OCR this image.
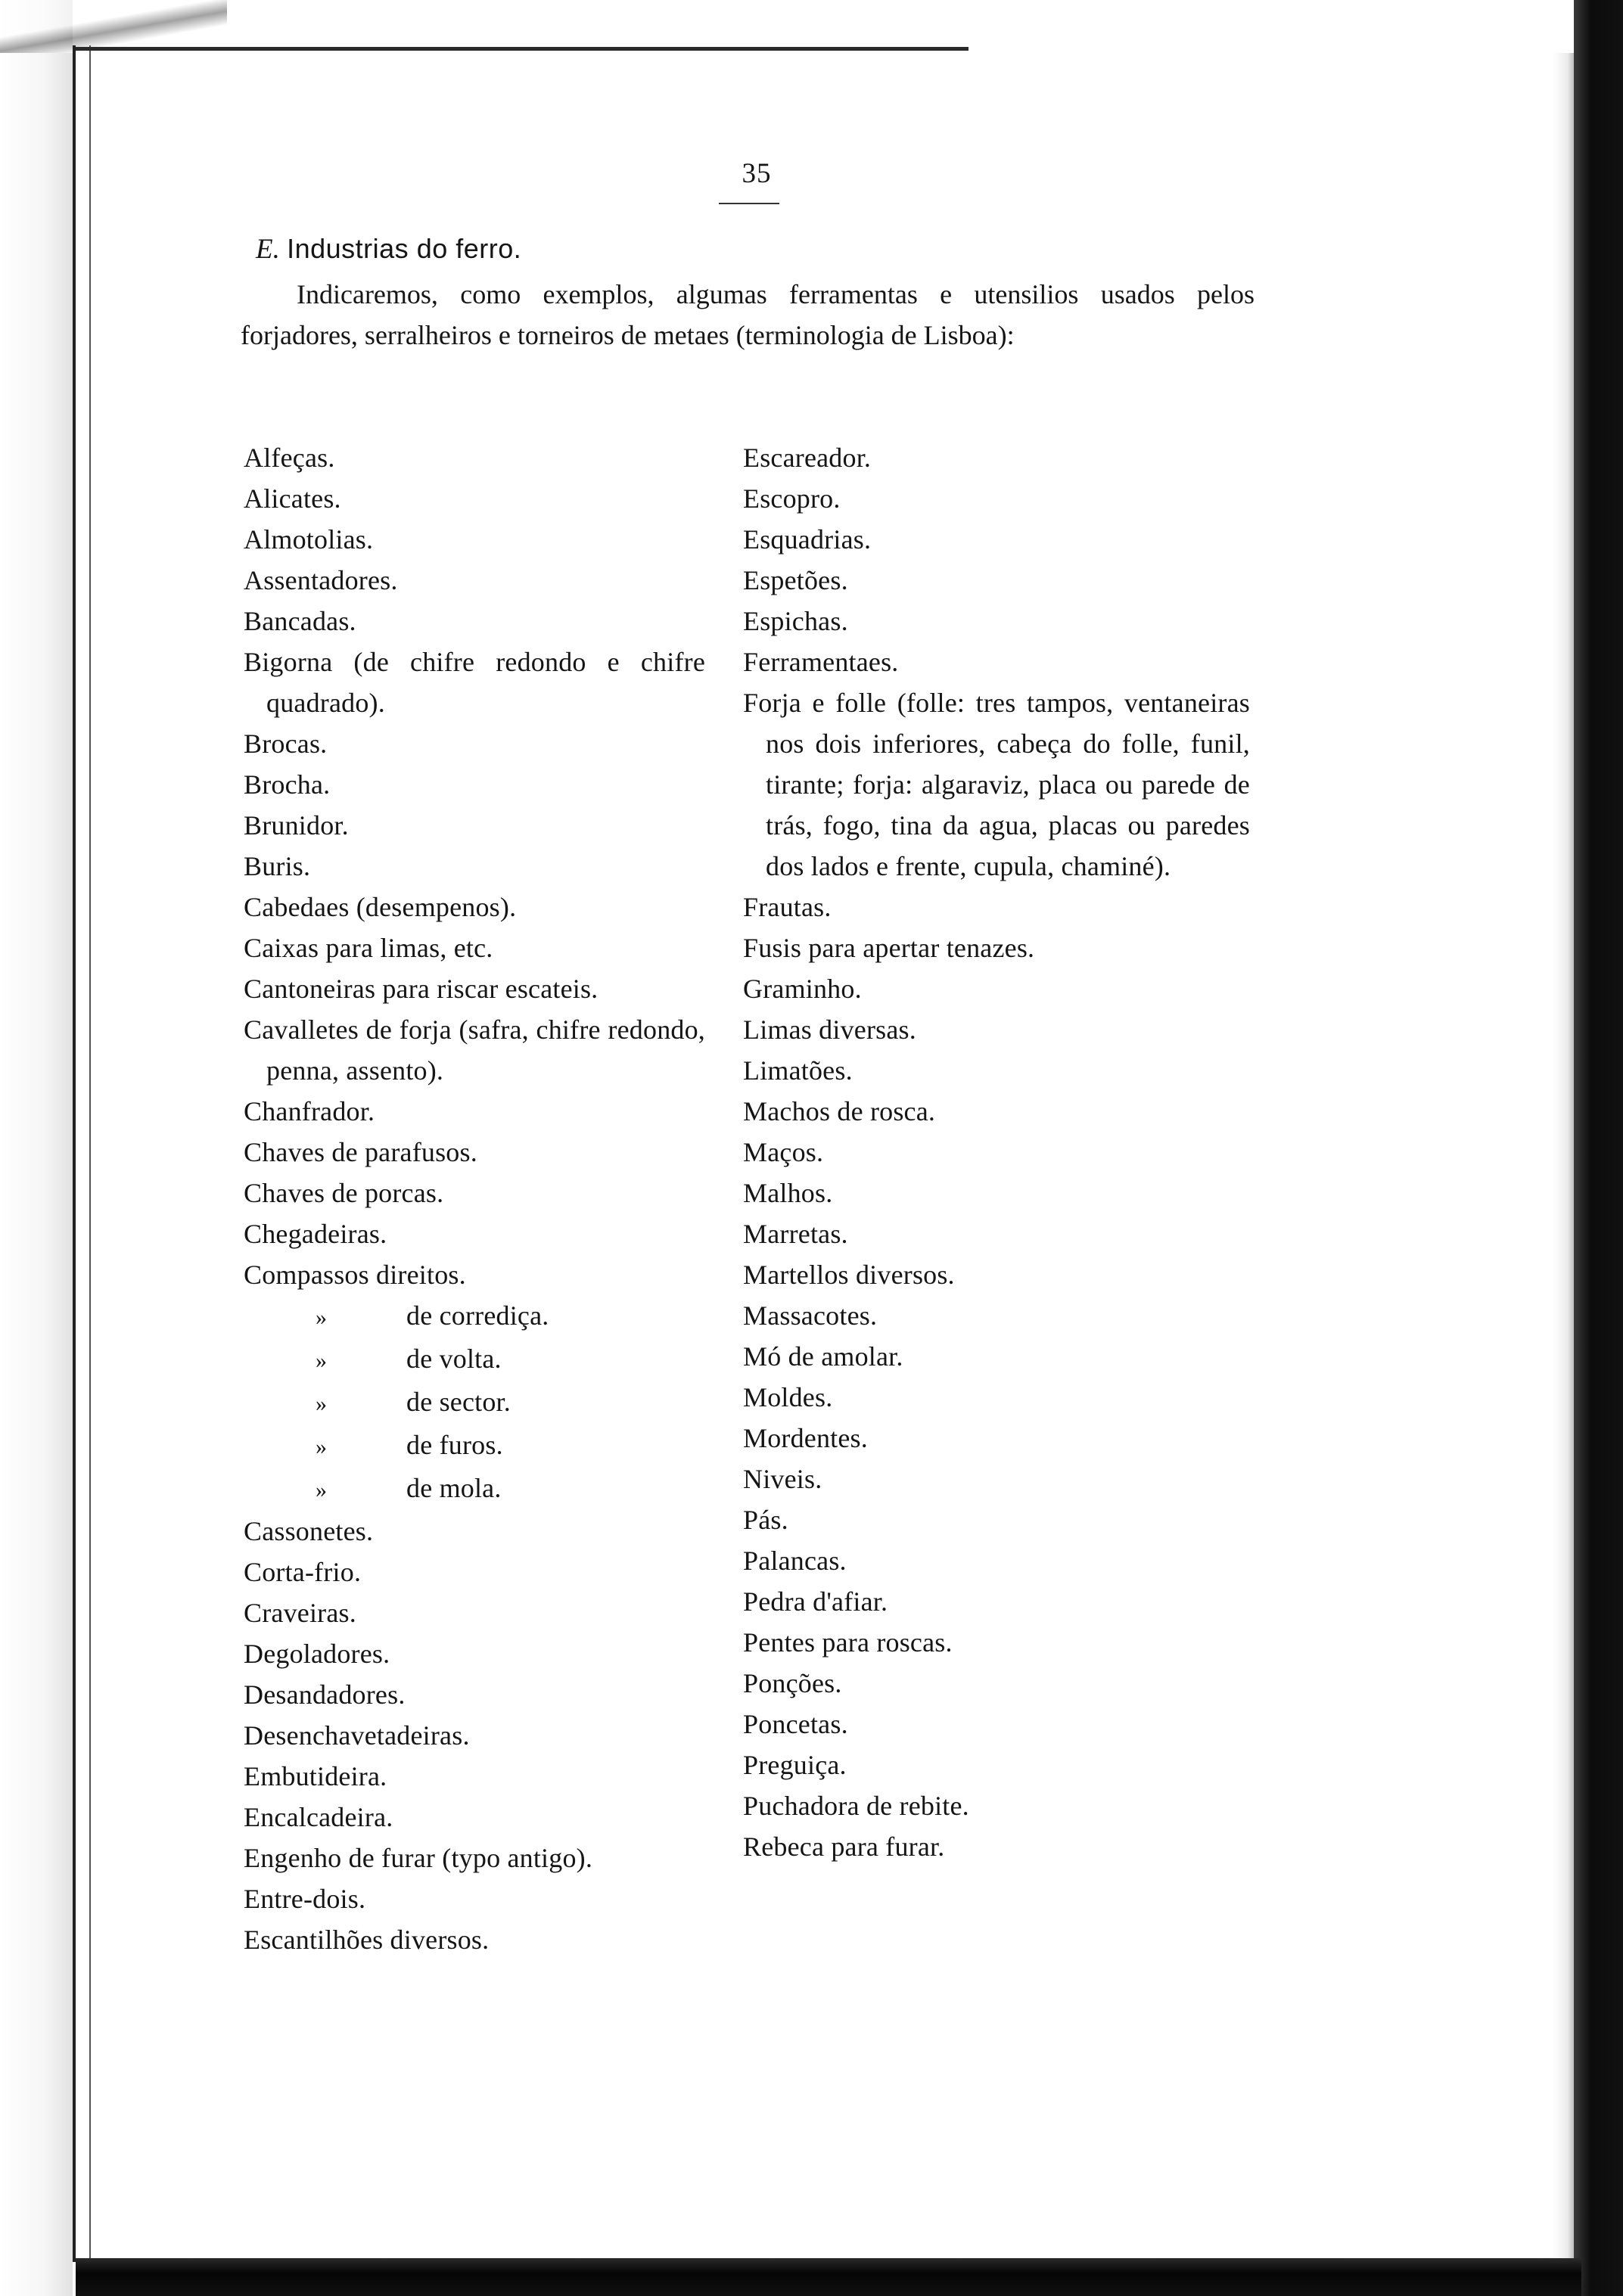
35
E. Industrias do ferro.

Indicaremos, como exemplos, algumas ferramentas e utensilios usados pelos forjadores, serralheiros e torneiros de metaes (terminologia de Lisboa):

Alfeças.
Alicates.
Almotolias.
Assentadores.
Bancadas.
Bigorna (de chifre redondo e chifre quadrado).
Brocas.
Brocha.
Brunidor.
Buris.
Cabedaes (desempenos).
Caixas para limas, etc.
Cantoneiras para riscar escateis.
Cavalletes de forja (safra, chifre redondo, penna, assento).
Chanfrador.
Chaves de parafusos.
Chaves de porcas.
Chegadeiras.
Compassos direitos.
»	de corrediça.
»	de volta.
»	de sector.
»	de furos.
»	de mola.
Cassonetes.
Corta-frio.
Craveiras.
Degoladores.
Desandadores.
Desenchavetadeiras.
Embutideira.
Encalcadeira.
Engenho de furar (typo antigo).
Entre-dois.
Escantilhões diversos.
Escareador.
Escopro.
Esquadrias.
Espetões.
Espichas.
Ferramentaes.
Forja e folle (folle: tres tampos, ventaneiras nos dois inferiores, cabeça do folle, funil, tirante; forja: algaraviz, placa ou parede de trás, fogo, tina da agua, placas ou paredes dos lados e frente, cupula, chaminé).
Frautas.
Fusis para apertar tenazes.
Graminho.
Limas diversas.
Limatões.
Machos de rosca.
Maços.
Malhos.
Marretas.
Martellos diversos.
Massacotes.
Mó de amolar.
Moldes.
Mordentes.
Niveis.
Pás.
Palancas.
Pedra d'afiar.
Pentes para roscas.
Ponções.
Poncetas.
Preguiça.
Puchadora de rebite.
Rebeca para furar.
